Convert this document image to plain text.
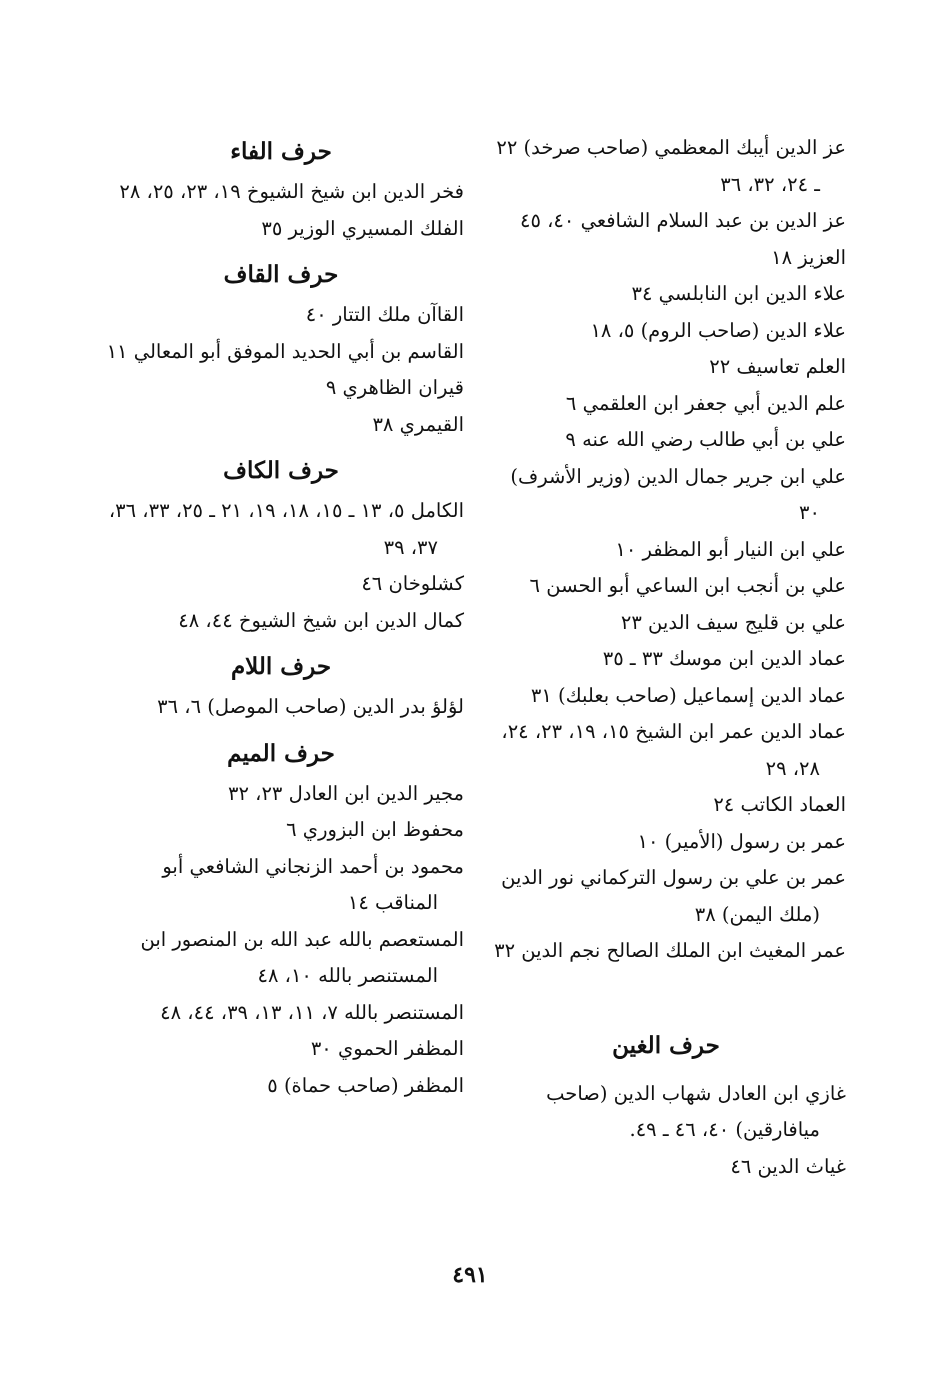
عز الدين أيبك المعظمي (صاحب صرخد) ٢٢ ـ ٢٤، ٣٢، ٣٦

عز الدين بن عبد السلام الشافعي ٤٠، ٤٥

العزيز ١٨

علاء الدين ابن النابلسي ٣٤

علاء الدين (صاحب الروم) ٥، ١٨

العلم تعاسيف ٢٢

علم الدين أبي جعفر ابن العلقمي ٦

علي بن أبي طالب رضي الله عنه ٩

علي ابن جرير جمال الدين (وزير الأشرف) ٣٠

علي ابن النيار أبو المظفر ١٠

علي بن أنجب ابن الساعي أبو الحسن ٦

علي بن قليج سيف الدين ٢٣

عماد الدين ابن موسك ٣٣ ـ ٣٥

عماد الدين إسماعيل (صاحب بعلبك) ٣١

عماد الدين عمر ابن الشيخ ١٥، ١٩، ٢٣، ٢٤، ٢٨، ٢٩

العماد الكاتب ٢٤

عمر بن رسول (الأمير) ١٠

عمر بن علي بن رسول التركماني نور الدين (ملك اليمن) ٣٨

عمر المغيث ابن الملك الصالح نجم الدين ٣٢

حرف الغين

غازي ابن العادل شهاب الدين (صاحب ميافارقين) ٤٠، ٤٦ ـ ٤٩.

غياث الدين ٤٦

حرف الفاء

فخر الدين ابن شيخ الشيوخ ١٩، ٢٣، ٢٥، ٢٨

الفلك المسيري الوزير ٣٥

حرف القاف

القاآن ملك التتار ٤٠

القاسم بن أبي الحديد الموفق أبو المعالي ١١

قيران الظاهري ٩

القيمري ٣٨

حرف الكاف

الكامل ٥، ١٣ ـ ١٥، ١٨، ١٩، ٢١ ـ ٢٥، ٣٣، ٣٦، ٣٧، ٣٩

كشلوخان ٤٦

كمال الدين ابن شيخ الشيوخ ٤٤، ٤٨

حرف اللام

لؤلؤ بدر الدين (صاحب الموصل) ٦، ٣٦

حرف الميم

مجير الدين ابن العادل ٢٣، ٣٢

محفوظ ابن البزوري ٦

محمود بن أحمد الزنجاني الشافعي أبو المناقب ١٤

المستعصم بالله عبد الله بن المنصور ابن المستنصر بالله ١٠، ٤٨

المستنصر بالله ٧، ١١، ١٣، ٣٩، ٤٤، ٤٨

المظفر الحموي ٣٠

المظفر (صاحب حماة) ٥

٤٩١
